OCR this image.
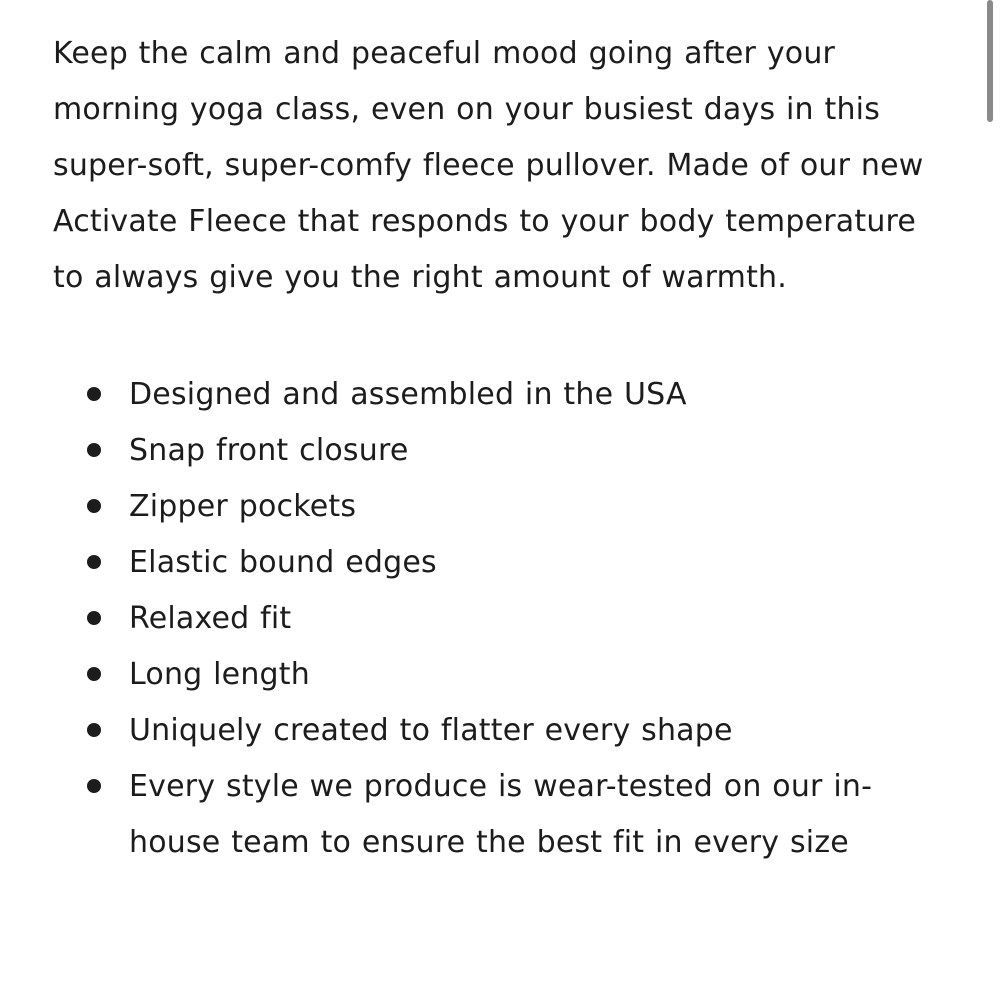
Keep the calm and peaceful mood going after your morning yoga class, even on your busiest days in this super-soft, super-comfy fleece pullover. Made of our new Activate Fleece that responds to your body temperature to always give you the right amount of warmth.

Designed and assembled in the USA
Snap front closure
Zipper pockets
Elastic bound edges
Relaxed fit
Long length
Uniquely created to flatter every shape
Every style we produce is wear-tested on our in-house team to ensure the best fit in every size
